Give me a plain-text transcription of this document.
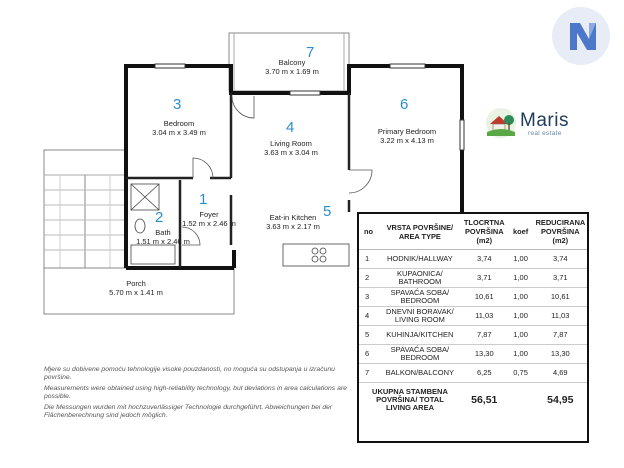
7
Balcony
3.70 m x 1.69 m
3
Bedroom
3.04 m x 3.49 m	4
Living Room
3.63 m x 3.04 m
6
Primary Bedroom
3.22 m x 4.13 m
1
Foyer
1.52 m x 2.46 m
2
Bath
1.51 m x 2.46 m
5
Eat-in Kitchen
3.63 m x 2.17 m
Porch
5.70 m x 1.41 m
Mjere su dobivene pomoću tehnologije visoke pouzdanosti, no moguća su odstupanja u izračunu površine.
Measurements were obtained using high-reliability technology, but deviations in area calculations are possible.
Die Messungen wurden mit hochzuverlässiger Technologie durchgeführt, Abweichungen bei der Flächenberechnung sind jedoch möglich.
Maris
real estate
no	VRSTA POVRŠINE/ AREA TYPE	TLOCRTNA POVRŠINA (m2)	koef	REDUCIRANA POVRŠINA (m2)
1	HODNIK/HALLWAY	3,74	1,00	3,74
2	KUPAONICA/ BATHROOM	3,71	1,00	3,71
3	SPAVAĆA SOBA/ BEDROOM	10,61	1,00	10,61
4	DNEVNI BORAVAK/ LIVING ROOM	11,03	1,00	11,03
5	KUHINJA/KITCHEN	7,87	1,00	7,87
6	SPAVAĆA SOBA/ BEDROOM	13,30	1,00	13,30
7	BALKON/BALCONY	6,25	0,75	4,69
UKUPNA STAMBENA POVRŠINA/ TOTAL LIVING AREA		56,51		54,95
